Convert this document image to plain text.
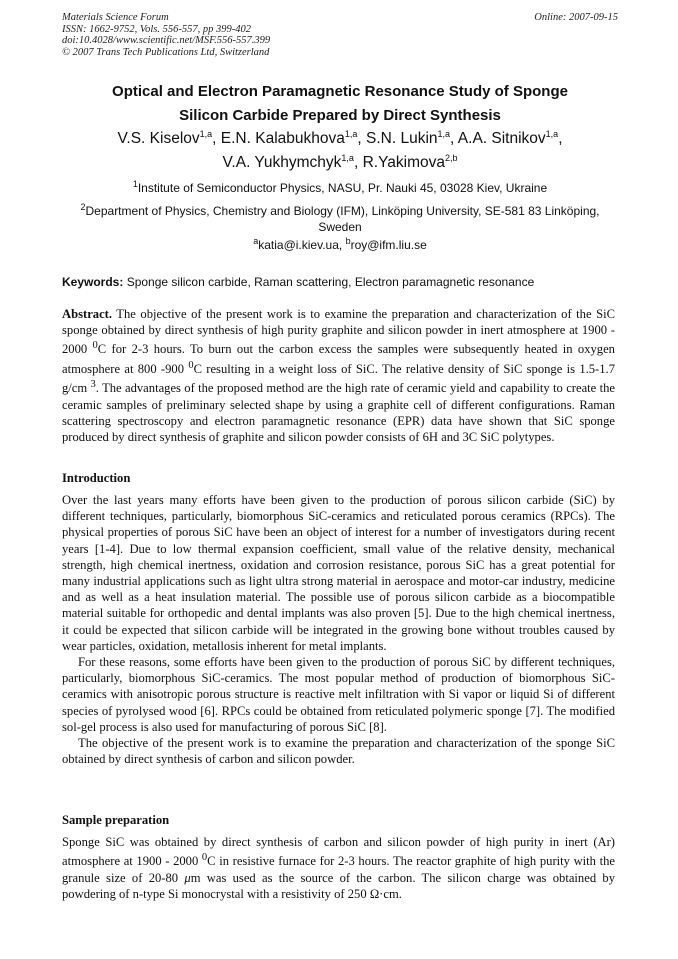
Materials Science Forum	Online: 2007-09-15
ISSN: 1662-9752, Vols. 556-557, pp 399-402
doi:10.4028/www.scientific.net/MSF.556-557.399
© 2007 Trans Tech Publications Ltd, Switzerland
Optical and Electron Paramagnetic Resonance Study of Sponge
Silicon Carbide Prepared by Direct Synthesis
V.S. Kiselov$^{1,a}$, E.N. Kalabukhova$^{1,a}$, S.N. Lukin$^{1,a}$, A.A. Sitnikov$^{1,a}$,
V.A. Yukhymchyk$^{1,a}$, R.Yakimova$^{2,b}$
$^1$Institute of Semiconductor Physics, NASU, Pr. Nauki 45, 03028 Kiev, Ukraine
$^2$Department of Physics, Chemistry and Biology (IFM), Linköping University, SE-581 83 Linköping,
Sweden
$^a$katia@i.kiev.ua, $^b$roy@ifm.liu.se
Keywords: Sponge silicon carbide, Raman scattering, Electron paramagnetic resonance

Abstract. The objective of the present work is to examine the preparation and characterization of the SiC sponge obtained by direct synthesis of high purity graphite and silicon powder in inert atmosphere at 1900 - 2000 $^0$C for 2-3 hours. To burn out the carbon excess the samples were subsequently heated in oxygen atmosphere at 800 -900 $^0$C resulting in a weight loss of SiC. The relative density of SiC sponge is 1.5-1.7 g/cm $^3$. The advantages of the proposed method are the high rate of ceramic yield and capability to create the ceramic samples of preliminary selected shape by using a graphite cell of different configurations. Raman scattering spectroscopy and electron paramagnetic resonance (EPR) data have shown that SiC sponge produced by direct synthesis of graphite and silicon powder consists of 6H and 3C SiC polytypes.

Introduction

Over the last years many efforts have been given to the production of porous silicon carbide (SiC) by different techniques, particularly, biomorphous SiC-ceramics and reticulated porous ceramics (RPCs). The physical properties of porous SiC have been an object of interest for a number of investigators during recent years [1-4]. Due to low thermal expansion coefficient, small value of the relative density, mechanical strength, high chemical inertness, oxidation and corrosion resistance, porous SiC has a great potential for many industrial applications such as light ultra strong material in aerospace and motor-car industry, medicine and as well as a heat insulation material. The possible use of porous silicon carbide as a biocompatible material suitable for orthopedic and dental implants was also proven [5]. Due to the high chemical inertness, it could be expected that silicon carbide will be integrated in the growing bone without troubles caused by wear particles, oxidation, metallosis inherent for metal implants.

For these reasons, some efforts have been given to the production of porous SiC by different techniques, particularly, biomorphous SiC-ceramics. The most popular method of production of biomorphous SiC-ceramics with anisotropic porous structure is reactive melt infiltration with Si vapor or liquid Si of different species of pyrolysed wood [6]. RPCs could be obtained from reticulated polymeric sponge [7]. The modified sol-gel process is also used for manufacturing of porous SiC [8].

The objective of the present work is to examine the preparation and characterization of the sponge SiC obtained by direct synthesis of carbon and silicon powder.

Sample preparation

Sponge SiC was obtained by direct synthesis of carbon and silicon powder of high purity in inert (Ar) atmosphere at 1900 - 2000 $^0$C in resistive furnace for 2-3 hours. The reactor graphite of high purity with the granule size of 20-80 μm was used as the source of the carbon. The silicon charge was obtained by powdering of n-type Si monocrystal with a resistivity of 250 Ω·cm.
